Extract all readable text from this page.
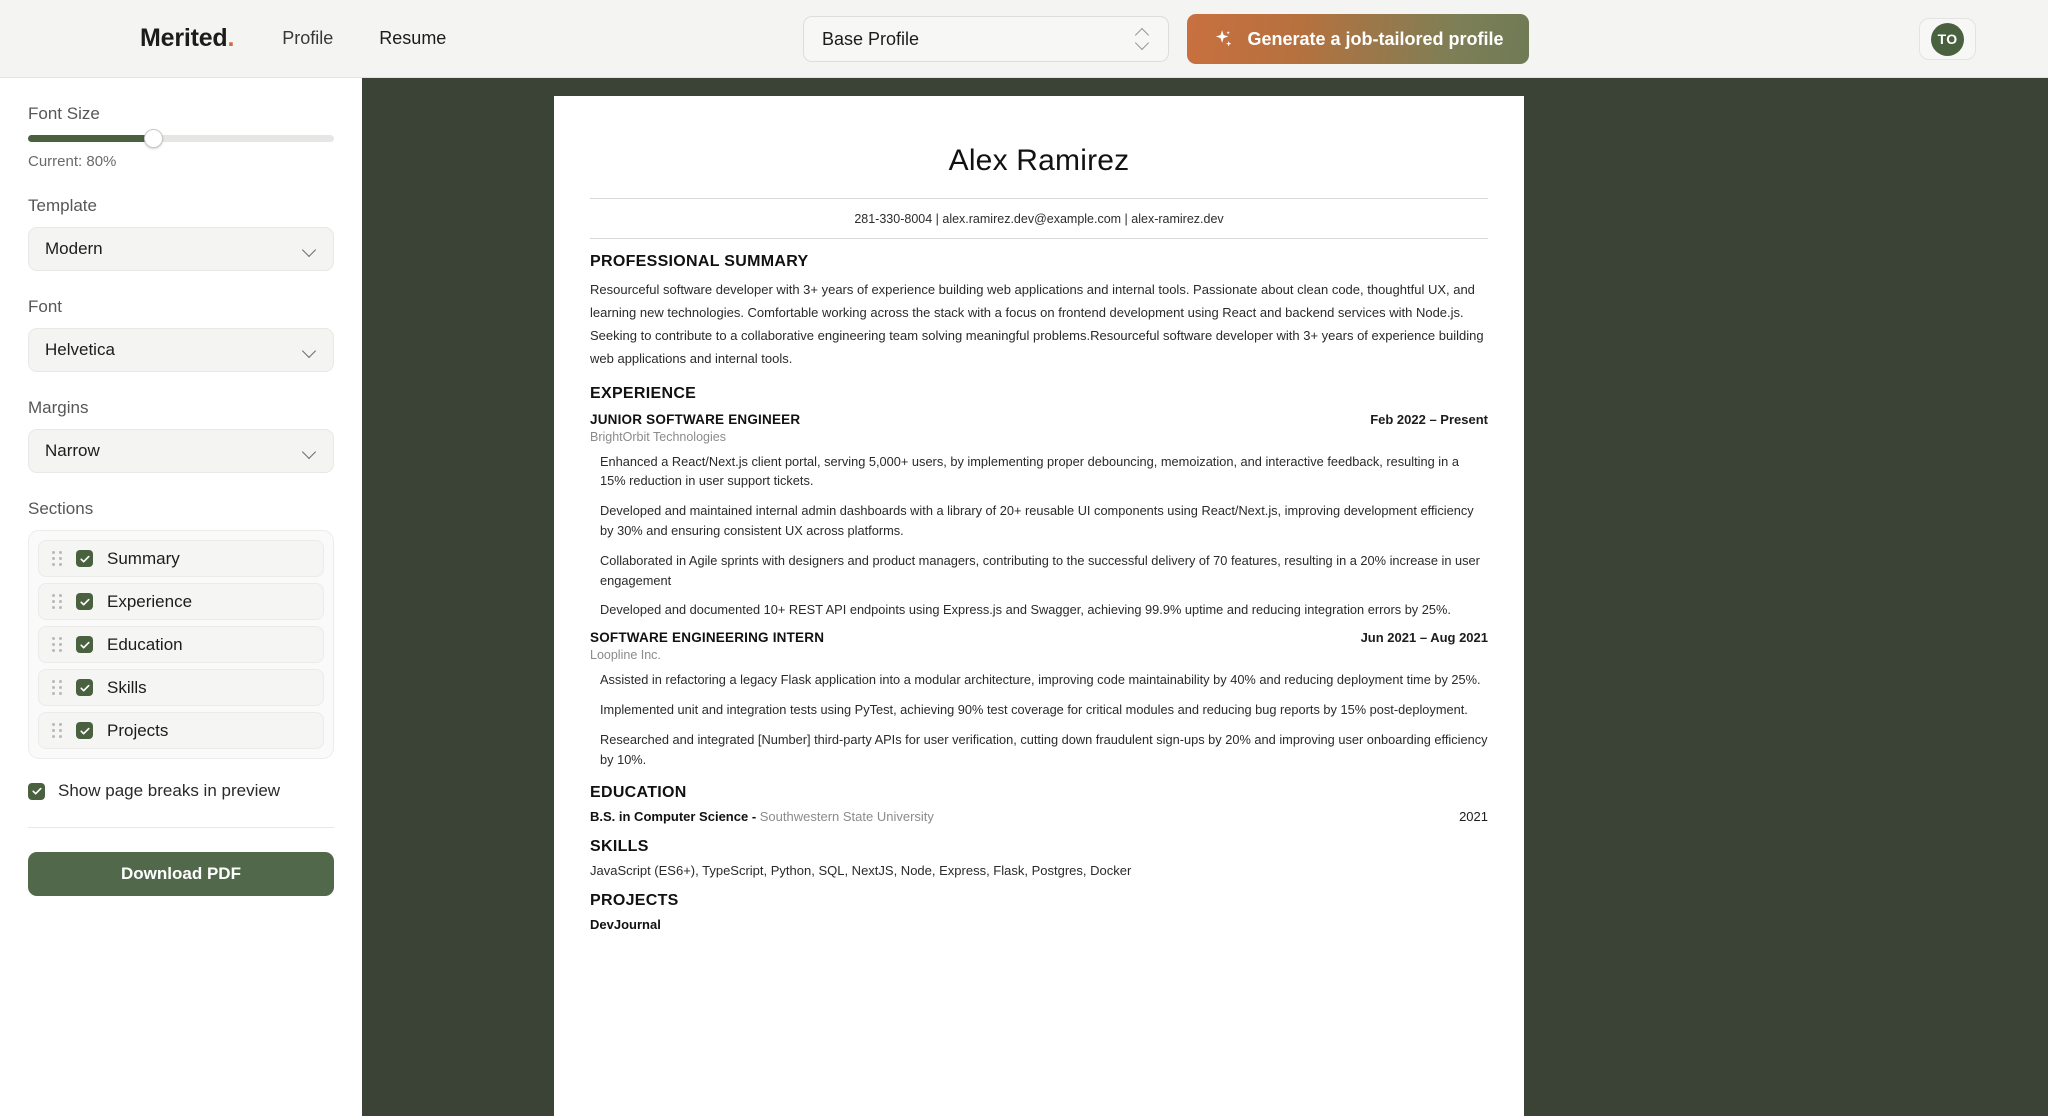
Merited.	Profile	Resume	Base Profile	Generate a job-tailored profile	TO
Font Size
Current: 80%
Template
Modern
Font
Helvetica
Margins
Narrow
Sections
Summary
Experience
Education
Skills
Projects
Show page breaks in preview
Download PDF
Alex Ramirez
281-330-8004 | alex.ramirez.dev@example.com | alex-ramirez.dev
PROFESSIONAL SUMMARY
Resourceful software developer with 3+ years of experience building web applications and internal tools. Passionate about clean code, thoughtful UX, and learning new technologies. Comfortable working across the stack with a focus on frontend development using React and backend services with Node.js. Seeking to contribute to a collaborative engineering team solving meaningful problems.Resourceful software developer with 3+ years of experience building web applications and internal tools.
EXPERIENCE
JUNIOR SOFTWARE ENGINEER	Feb 2022 – Present
BrightOrbit Technologies
Enhanced a React/Next.js client portal, serving 5,000+ users, by implementing proper debouncing, memoization, and interactive feedback, resulting in a 15% reduction in user support tickets.
Developed and maintained internal admin dashboards with a library of 20+ reusable UI components using React/Next.js, improving development efficiency by 30% and ensuring consistent UX across platforms.
Collaborated in Agile sprints with designers and product managers, contributing to the successful delivery of 70 features, resulting in a 20% increase in user engagement
Developed and documented 10+ REST API endpoints using Express.js and Swagger, achieving 99.9% uptime and reducing integration errors by 25%.
SOFTWARE ENGINEERING INTERN	Jun 2021 – Aug 2021
Loopline Inc.
Assisted in refactoring a legacy Flask application into a modular architecture, improving code maintainability by 40% and reducing deployment time by 25%.
Implemented unit and integration tests using PyTest, achieving 90% test coverage for critical modules and reducing bug reports by 15% post-deployment.
Researched and integrated [Number] third-party APIs for user verification, cutting down fraudulent sign-ups by 20% and improving user onboarding efficiency by 10%.
EDUCATION
B.S. in Computer Science - Southwestern State University	2021
SKILLS
JavaScript (ES6+), TypeScript, Python, SQL, NextJS, Node, Express, Flask, Postgres, Docker
PROJECTS
DevJournal
